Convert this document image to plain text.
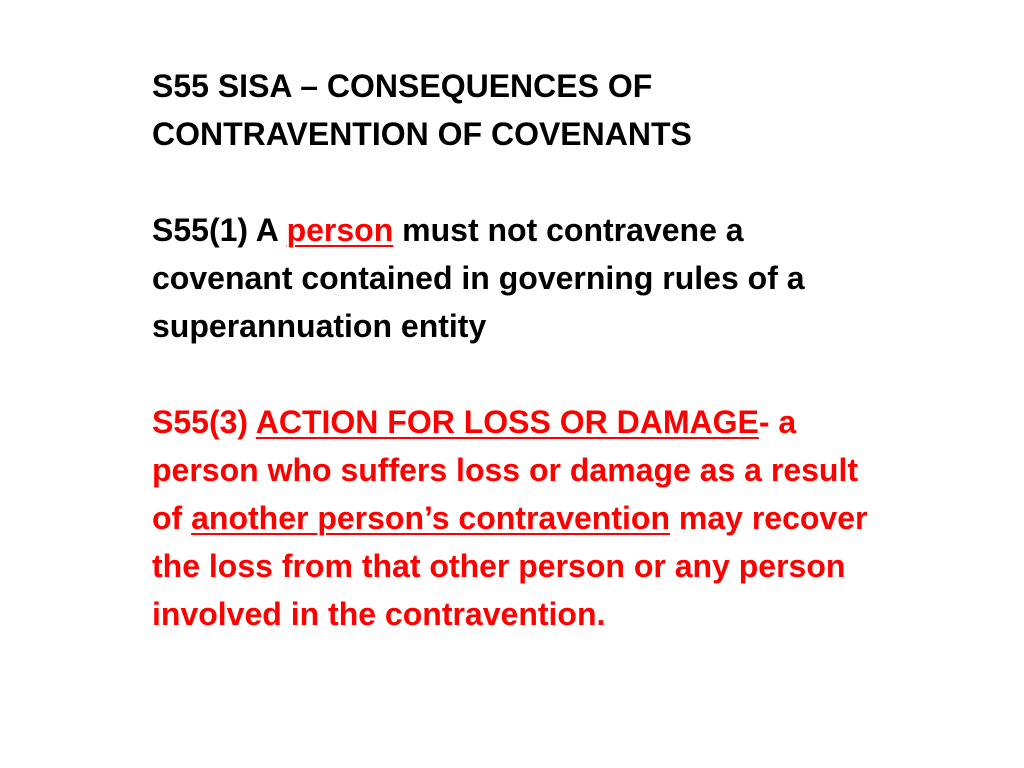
S55 SISA – CONSEQUENCES OF
CONTRAVENTION OF COVENANTS

S55(1) A person must not contravene a covenant contained in governing rules of a superannuation entity

S55(3) ACTION FOR LOSS OR DAMAGE- a person who suffers loss or damage as a result of another person’s contravention may recover the loss from that other person or any person involved in the contravention.
